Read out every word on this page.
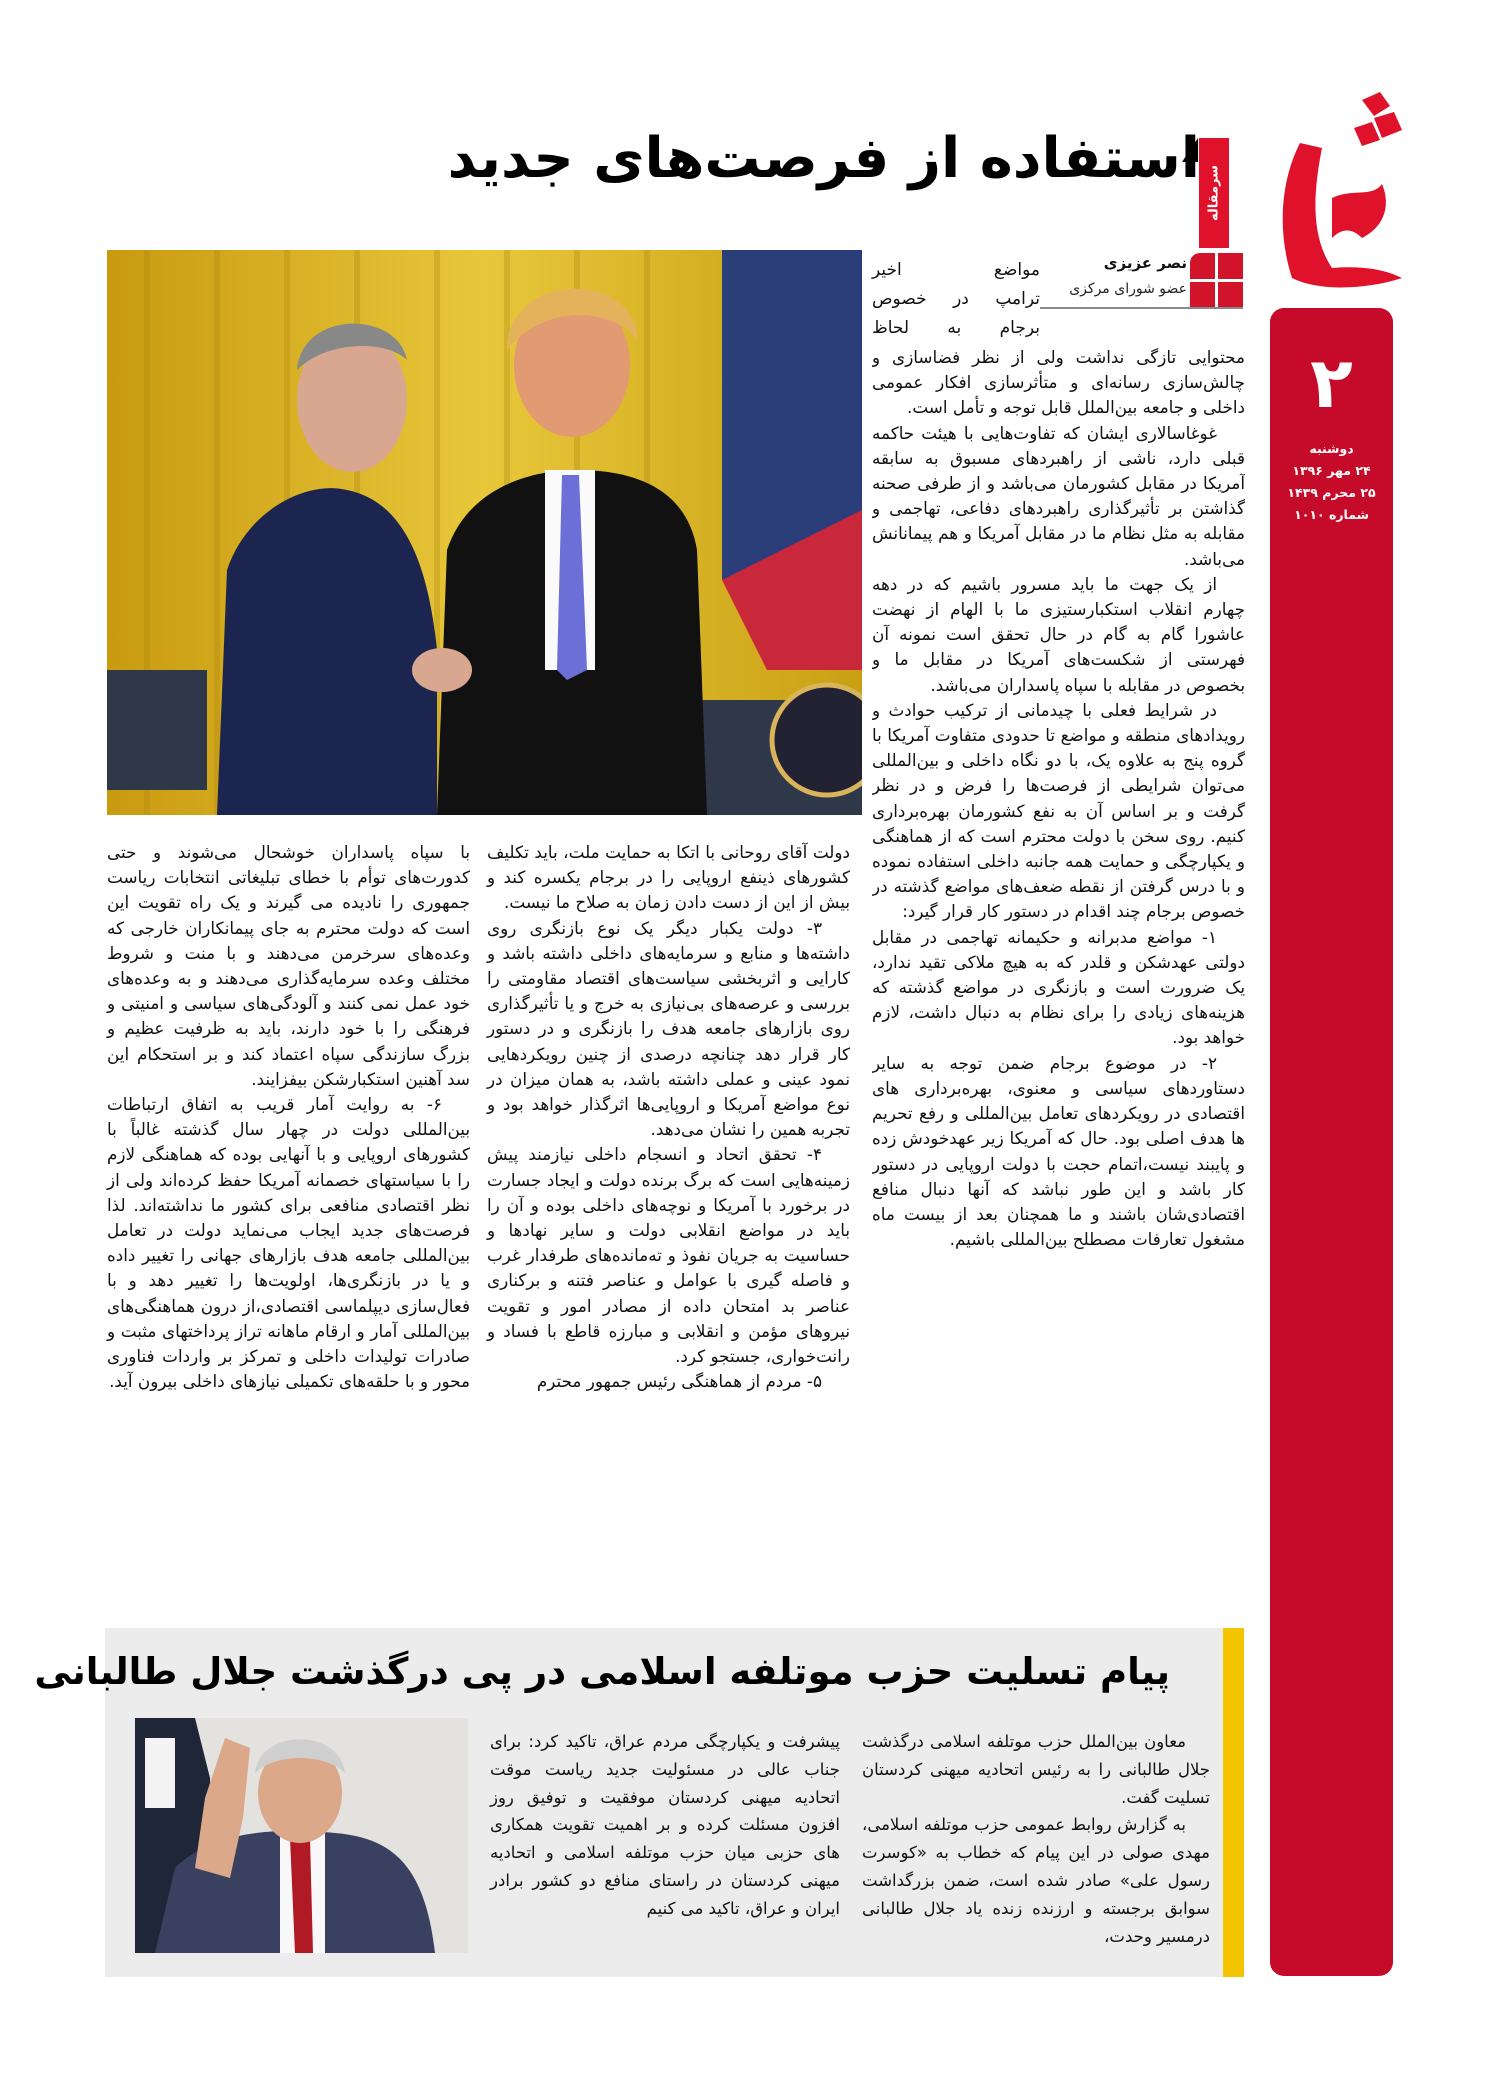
۲
دوشنبه
۲۴ مهر ۱۳۹۶
۲۵ محرم ۱۴۳۹
شماره ۱۰۱۰
سرمقاله
استفاده از فرصت‌های جدید
نصر عزیزی
عضو شورای مرکزی

مواضع اخیر

ترامپ در خصوص

برجام به لحاظ

محتوایی تازگی نداشت ولی از نظر فضاسازی و چالش‌سازی رسانه‌ای و متأثرسازی افکار عمومی داخلی و جامعه بین‌الملل قابل توجه و تأمل است.

غوغاسالاری ایشان که تفاوت‌هایی با هیئت حاکمه قبلی دارد، ناشی از راهبردهای مسبوق به سابقه آمریکا در مقابل کشورمان می‌باشد و از طرفی صحنه گذاشتن بر تأثیرگذاری راهبردهای دفاعی، تهاجمی و مقابله به مثل نظام ما در مقابل آمریکا و هم پیمانانش می‌باشد.

از یک جهت ما باید مسرور باشیم که در دهه چهارم انقلاب استکبارستیزی ما با الهام از نهضت عاشورا گام به گام در حال تحقق است نمونه آن فهرستی از شکست‌های آمریکا در مقابل ما و بخصوص در مقابله با سپاه پاسداران می‌باشد.

در شرایط فعلی با چیدمانی از ترکیب حوادث و رویدادهای منطقه و مواضع تا حدودی متفاوت آمریکا با گروه پنج به علاوه یک، با دو نگاه داخلی و بین‌المللی می‌توان شرایطی از فرصت‌ها را فرض و در نظر گرفت و بر اساس آن به نفع کشورمان بهره‌برداری کنیم. روی سخن با دولت محترم است که از هماهنگی و یکپارچگی و حمایت همه جانبه داخلی استفاده نموده و با درس گرفتن از نقطه ضعف‌های مواضع گذشته در خصوص برجام چند اقدام در دستور کار قرار گیرد:

۱- مواضع مدبرانه و حکیمانه تهاجمی در مقابل دولتی عهدشکن و قلدر که به هیچ ملاکی تقید ندارد، یک ضرورت است و بازنگری در مواضع گذشته که هزینه‌های زیادی را برای نظام به دنبال داشت، لازم خواهد بود.

۲- در موضوع برجام ضمن توجه به سایر دستاوردهای سیاسی و معنوی، بهره‌برداری های اقتصادی در رویکردهای تعامل بین‌المللی و رفع تحریم ها هدف اصلی بود. حال که آمریکا زیر عهدخودش زده و پایبند نیست،اتمام حجت با دولت اروپایی در دستور کار باشد و این طور نباشد که آنها دنبال منافع اقتصادی‌شان باشند و ما همچنان بعد از بیست ماه مشغول تعارفات مصطلح بین‌المللی باشیم.

دولت آقای روحانی با اتکا به حمایت ملت، باید تکلیف کشورهای ذینفع اروپایی را در برجام یکسره کند و بیش از این از دست دادن زمان به صلاح ما نیست.

۳- دولت یکبار دیگر یک نوع بازنگری روی داشته‌ها و منابع و سرمایه‌های داخلی داشته باشد و کارایی و اثربخشی سیاست‌های اقتصاد مقاومتی را بررسی و عرصه‌های بی‌نیازی به خرج و یا تأثیرگذاری روی بازارهای جامعه هدف را بازنگری و در دستور کار قرار دهد چنانچه درصدی از چنین رویکردهایی نمود عینی و عملی داشته باشد، به همان میزان در نوع مواضع آمریکا و اروپایی‌ها اثرگذار خواهد بود و تجربه همین را نشان می‌دهد.

۴- تحقق اتحاد و انسجام داخلی نیازمند پیش زمینه‌هایی است که برگ برنده دولت و ایجاد جسارت در برخورد با آمریکا و نوچه‌های داخلی بوده و آن را باید در مواضع انقلابی دولت و سایر نهادها و حساسیت به جریان نفوذ و ته‌مانده‌های طرفدار غرب و فاصله گیری با عوامل و عناصر فتنه و برکناری عناصر بد امتحان داده از مصادر امور و تقویت نیروهای مؤمن و انقلابی و مبارزه قاطع با فساد و رانت‌خواری، جستجو کرد.

۵- مردم از هماهنگی رئیس جمهور محترم

با سپاه پاسداران خوشحال می‌شوند و حتی کدورت‌های توأم با خطای تبلیغاتی انتخابات ریاست جمهوری را نادیده می گیرند و یک راه تقویت این است که دولت محترم به جای پیمانکاران خارجی که وعده‌های سرخرمن می‌دهند و با منت و شروط مختلف وعده سرمایه‌گذاری می‌دهند و به وعده‌های خود عمل نمی کنند و آلودگی‌های سیاسی و امنیتی و فرهنگی را با خود دارند، باید به ظرفیت عظیم و بزرگ سازندگی سپاه اعتماد کند و بر استحکام این سد آهنین استکبارشکن بیفزایند.

۶- به روایت آمار قریب به اتفاق ارتباطات بین‌المللی دولت در چهار سال گذشته غالباً با کشورهای اروپایی و با آنهایی بوده که هماهنگی لازم را با سیاستهای خصمانه آمریکا حفظ کرده‌اند ولی از نظر اقتصادی منافعی برای کشور ما نداشته‌اند. لذا فرصت‌های جدید ایجاب می‌نماید دولت در تعامل بین‌المللی جامعه هدف بازارهای جهانی را تغییر داده و یا در بازنگری‌ها، اولویت‌ها را تغییر دهد و با فعال‌سازی دیپلماسی اقتصادی،از درون هماهنگی‌های بین‌المللی آمار و ارقام ماهانه تراز پرداختهای مثبت و صادرات تولیدات داخلی و تمرکز بر واردات فناوری محور و با حلقه‌های تکمیلی نیازهای داخلی بیرون آید.

پیام تسلیت حزب موتلفه اسلامی در پی درگذشت جلال طالبانی

معاون بین‌الملل حزب موتلفه اسلامی درگذشت جلال طالبانی را به رئیس اتحادیه میهنی کردستان تسلیت گفت.

به گزارش روابط عمومی حزب موتلفه اسلامی، مهدی صولی در این پیام که خطاب به «کوسرت رسول علی» صادر شده است، ضمن بزرگداشت سوابق برجسته و ارزنده زنده یاد جلال طالبانی درمسیر وحدت،

پیشرفت و یکپارچگی مردم عراق، تاکید کرد: برای جناب عالی در مسئولیت جدید ریاست موقت اتحادیه میهنی کردستان موفقیت و توفیق روز افزون مسئلت کرده و بر اهمیت تقویت همکاری های حزبی میان حزب موتلفه اسلامی و اتحادیه میهنی کردستان در راستای منافع دو کشور برادر ایران و عراق، تاکید می کنیم
